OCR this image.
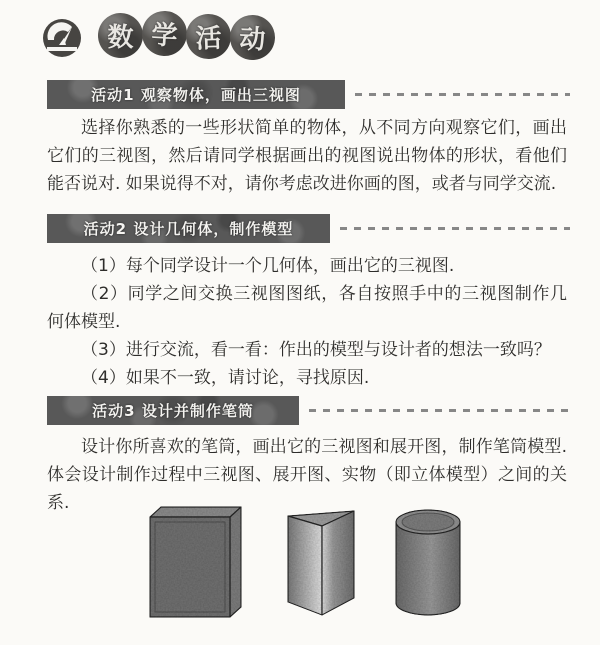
数 学 活 动
活动1 观察物体，画出三视图

选择你熟悉的一些形状简单的物体，从不同方向观察它们，画出它们的三视图，然后请同学根据画出的视图说出物体的形状，看他们能否说对. 如果说得不对，请你考虑改进你画的图，或者与同学交流.

活动2 设计几何体，制作模型

（1）每个同学设计一个几何体，画出它的三视图.

（2）同学之间交换三视图图纸，各自按照手中的三视图制作几何体模型.

（3）进行交流，看一看：作出的模型与设计者的想法一致吗？

（4）如果不一致，请讨论，寻找原因.

活动3 设计并制作笔筒

设计你所喜欢的笔筒，画出它的三视图和展开图，制作笔筒模型. 体会设计制作过程中三视图、展开图、实物（即立体模型）之间的关系.
